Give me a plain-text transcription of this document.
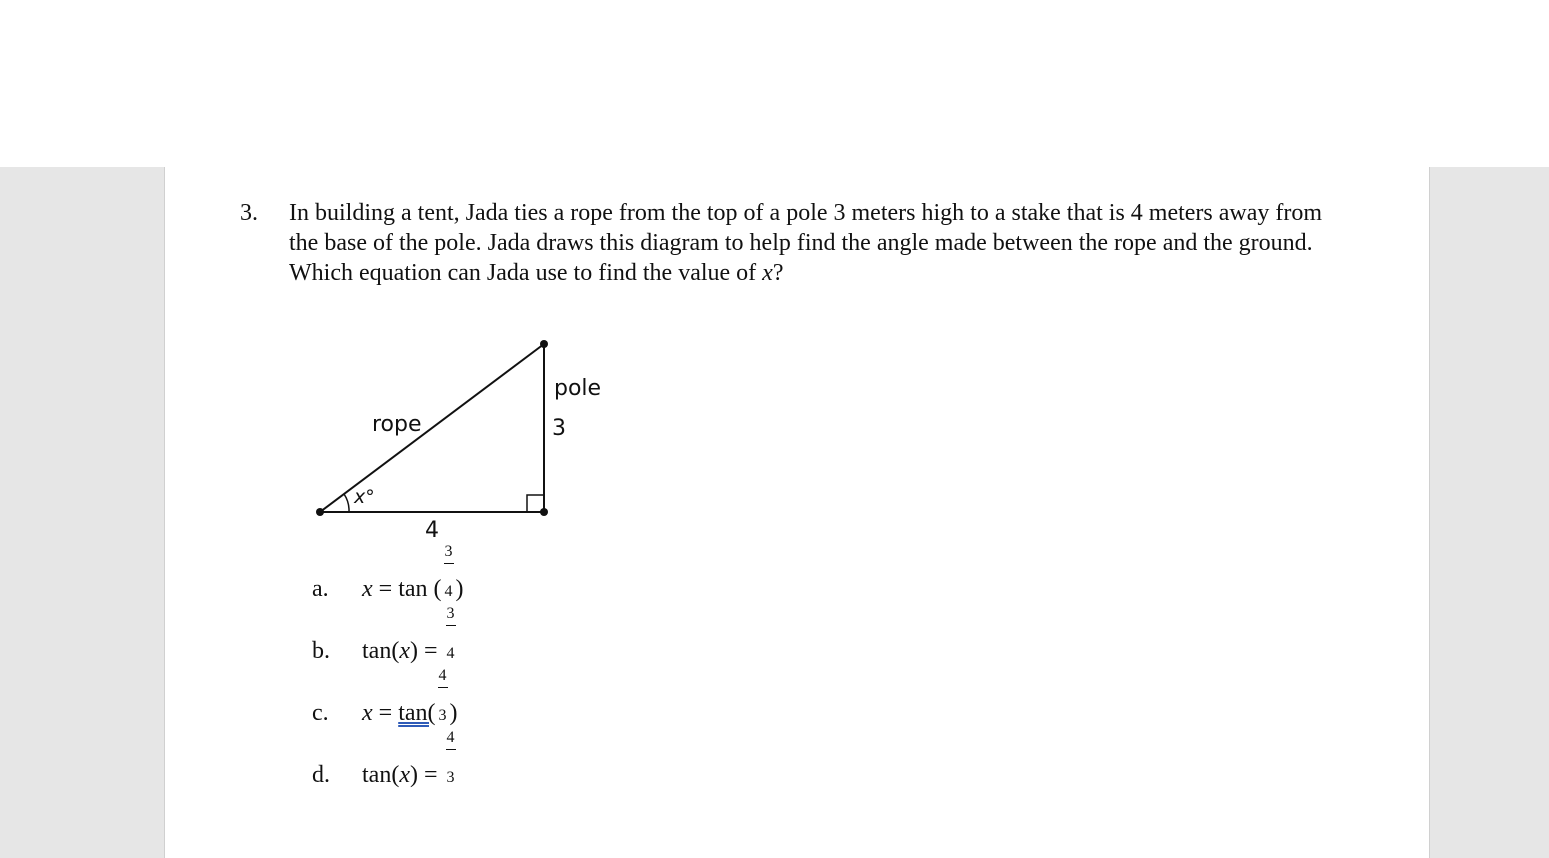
3. In building a tent, Jada ties a rope from the top of a pole 3 meters high to a stake that is 4 meters away from the base of the pole. Jada draws this diagram to help find the angle made between the rope and the ground. Which equation can Jada use to find the value of x?
rope
pole
3
4
x°
a. x = tan ( $\frac{3}{4}$)
b. $\tan(x) = \frac{3}{4}$
c. $x = \tan( \frac{4}{3})$
d. $\tan(x) = \frac{4}{3}$
